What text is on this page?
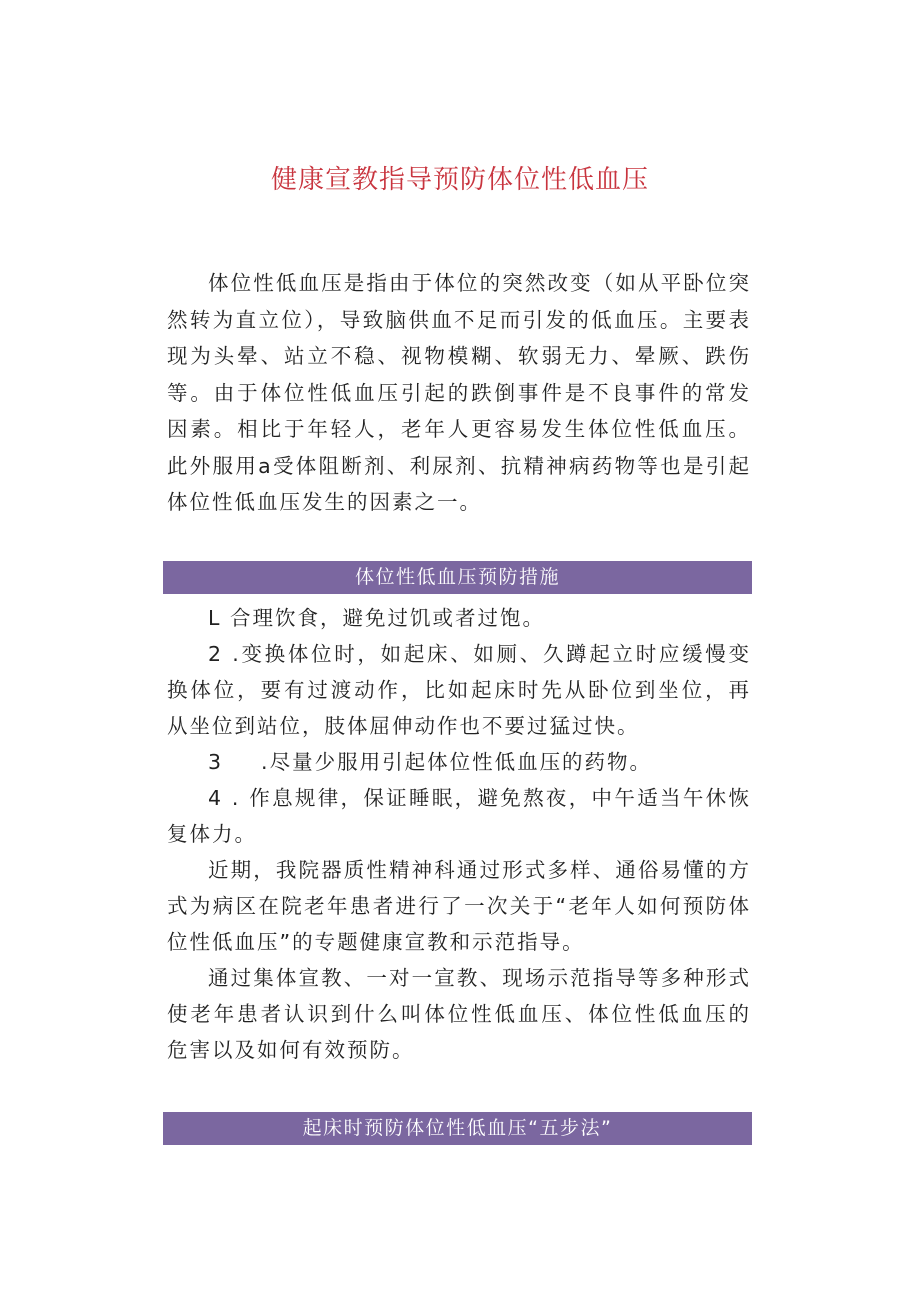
健康宣教指导预防体位性低血压

体位性低血压是指由于体位的突然改变（如从平卧位突然转为直立位），导致脑供血不足而引发的低血压。主要表现为头晕、站立不稳、视物模糊、软弱无力、晕厥、跌伤等。由于体位性低血压引起的跌倒事件是不良事件的常发因素。相比于年轻人，老年人更容易发生体位性低血压。此外服用a受体阻断剂、利尿剂、抗精神病药物等也是引起体位性低血压发生的因素之一。

体位性低血压预防措施

L 合理饮食，避免过饥或者过饱。

2 .变换体位时，如起床、如厕、久蹲起立时应缓慢变换体位，要有过渡动作，比如起床时先从卧位到坐位，再从坐位到站位，肢体屈伸动作也不要过猛过快。

3 .尽量少服用引起体位性低血压的药物。

4 . 作息规律，保证睡眠，避免熬夜，中午适当午休恢复体力。

近期，我院器质性精神科通过形式多样、通俗易懂的方式为病区在院老年患者进行了一次关于“老年人如何预防体位性低血压”的专题健康宣教和示范指导。

通过集体宣教、一对一宣教、现场示范指导等多种形式使老年患者认识到什么叫体位性低血压、体位性低血压的危害以及如何有效预防。

起床时预防体位性低血压“五步法”
